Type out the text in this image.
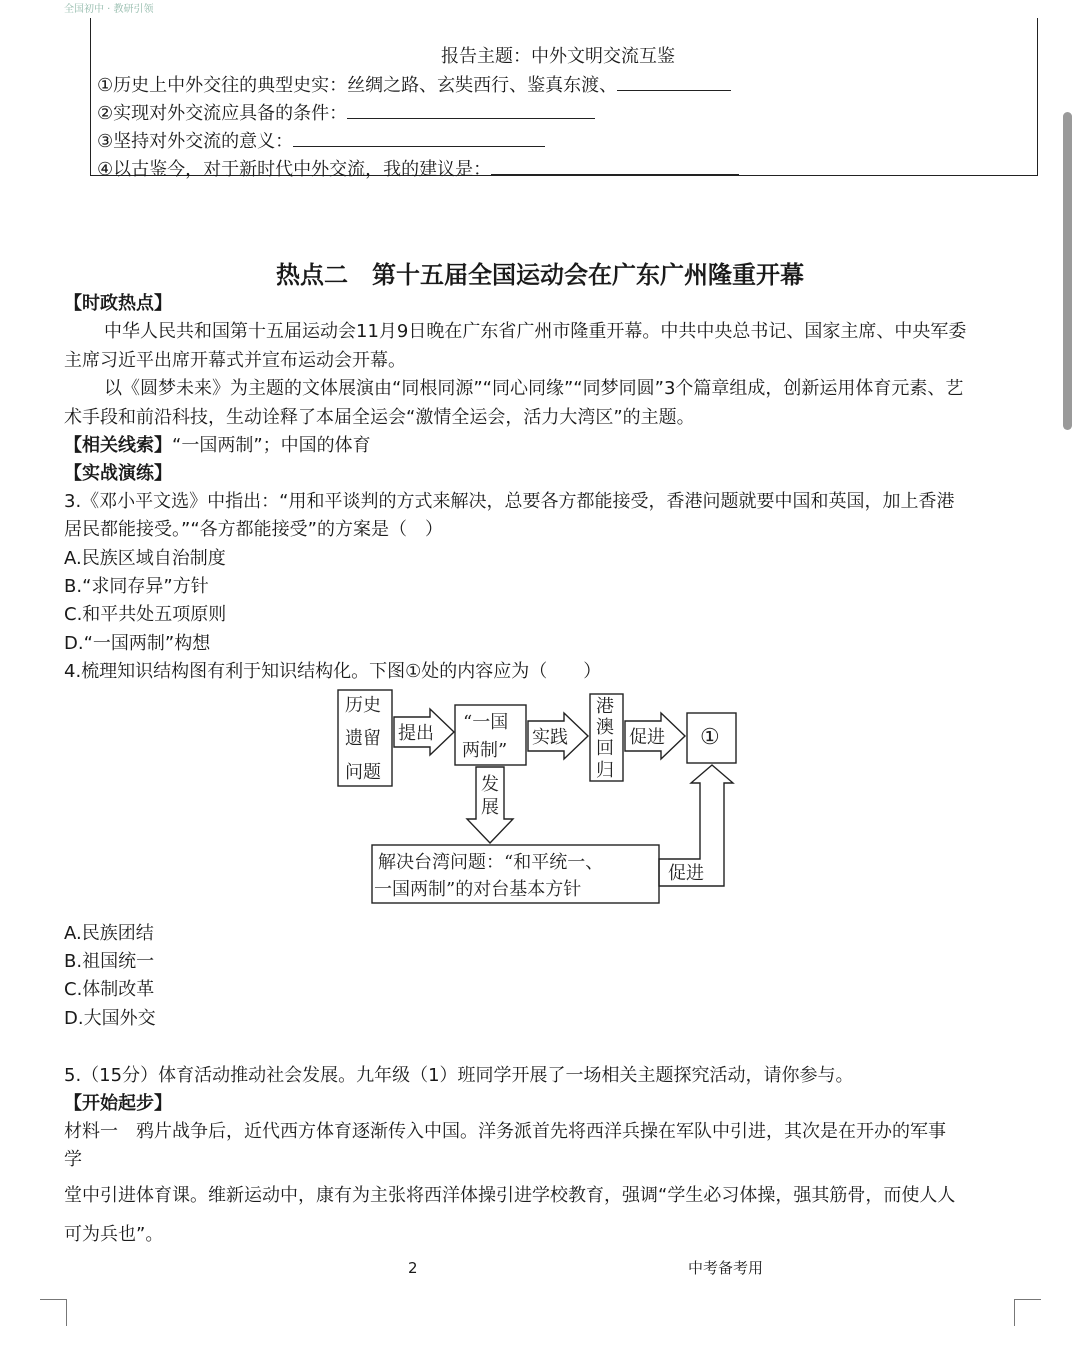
全国初中 · 教研引领
报告主题：中外文明交流互鉴
①历史上中外交往的典型史实：丝绸之路、玄奘西行、鉴真东渡、
②实现对外交流应具备的条件：
③坚持对外交流的意义：
④以古鉴今，对于新时代中外交流，我的建议是：
热点二　第十五届全国运动会在广东广州隆重开幕
【时政热点】
中华人民共和国第十五届运动会11月9日晚在广东省广州市隆重开幕。中共中央总书记、国家主席、中央军委
主席习近平出席开幕式并宣布运动会开幕。
以《圆梦未来》为主题的文体展演由“同根同源”“同心同缘”“同梦同圆”3个篇章组成，创新运用体育元素、艺
术手段和前沿科技，生动诠释了本届全运会“激情全运会，活力大湾区”的主题。
【相关线索】“一国两制”；中国的体育
【实战演练】
3.《邓小平文选》中指出：“用和平谈判的方式来解决，总要各方都能接受，香港问题就要中国和英国，加上香港
居民都能接受。”“各方都能接受”的方案是（　）
A.民族区域自治制度
B.“求同存异”方针
C.和平共处五项原则
D.“一国两制”构想
4.梳理知识结构图有利于知识结构化。下图①处的内容应为（　　）
历史
遗留
问题
提出
“一国
两制”
实践
港
澳
回
归
促进 ①
发
展
解决台湾问题：“和平统一、
一国两制”的对台基本方针
促进
A.民族团结
B.祖国统一
C.体制改革
D.大国外交
5.（15分）体育活动推动社会发展。九年级（1）班同学开展了一场相关主题探究活动，请你参与。
【开始起步】
材料一　鸦片战争后，近代西方体育逐渐传入中国。洋务派首先将西洋兵操在军队中引进，其次是在开办的军事
学
堂中引进体育课。维新运动中，康有为主张将西洋体操引进学校教育，强调“学生必习体操，强其筋骨，而使人人
可为兵也”。
2	中考备考用
